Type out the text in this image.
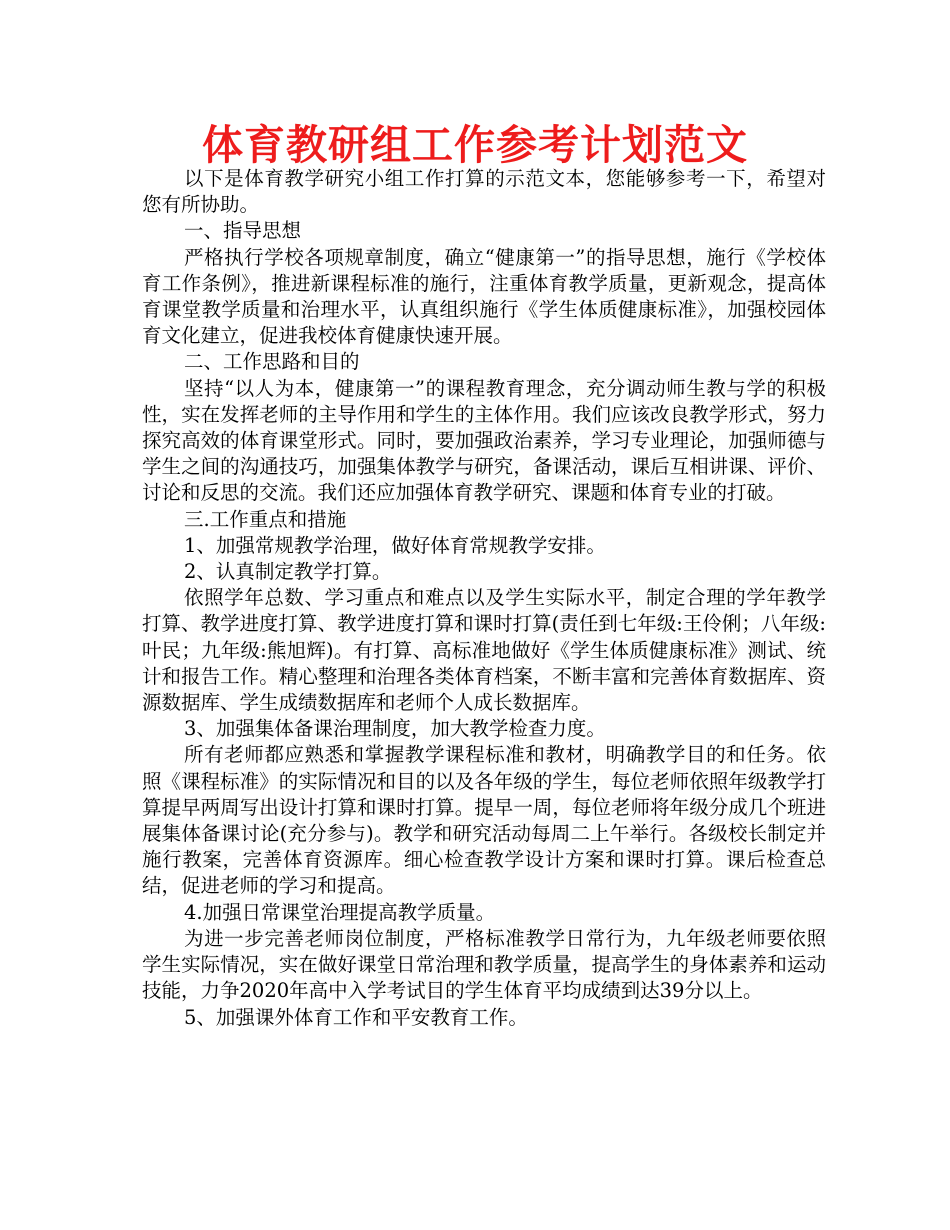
体育教研组工作参考计划范文

以下是体育教学研究小组工作打算的示范文本，您能够参考一下，希望对您有所协助。

一、指导思想

严格执行学校各项规章制度，确立“健康第一”的指导思想，施行《学校体育工作条例》，推进新课程标准的施行，注重体育教学质量，更新观念，提高体育课堂教学质量和治理水平，认真组织施行《学生体质健康标准》，加强校园体育文化建立，促进我校体育健康快速开展。

二、工作思路和目的

坚持“以人为本，健康第一”的课程教育理念，充分调动师生教与学的积极性，实在发挥老师的主导作用和学生的主体作用。我们应该改良教学形式，努力探究高效的体育课堂形式。同时，要加强政治素养，学习专业理论，加强师德与学生之间的沟通技巧，加强集体教学与研究，备课活动，课后互相讲课、评价、讨论和反思的交流。我们还应加强体育教学研究、课题和体育专业的打破。

三.工作重点和措施

1、加强常规教学治理，做好体育常规教学安排。

2、认真制定教学打算。

依照学年总数、学习重点和难点以及学生实际水平，制定合理的学年教学打算、教学进度打算、教学进度打算和课时打算(责任到七年级:王伶俐；八年级:叶民；九年级:熊旭辉)。有打算、高标准地做好《学生体质健康标准》测试、统计和报告工作。精心整理和治理各类体育档案，不断丰富和完善体育数据库、资源数据库、学生成绩数据库和老师个人成长数据库。

3、加强集体备课治理制度，加大教学检查力度。

所有老师都应熟悉和掌握教学课程标准和教材，明确教学目的和任务。依照《课程标准》的实际情况和目的以及各年级的学生，每位老师依照年级教学打算提早两周写出设计打算和课时打算。提早一周，每位老师将年级分成几个班进展集体备课讨论(充分参与)。教学和研究活动每周二上午举行。各级校长制定并施行教案，完善体育资源库。细心检查教学设计方案和课时打算。课后检查总结，促进老师的学习和提高。

4.加强日常课堂治理提高教学质量。

为进一步完善老师岗位制度，严格标准教学日常行为，九年级老师要依照学生实际情况，实在做好课堂日常治理和教学质量，提高学生的身体素养和运动技能，力争2020年高中入学考试目的学生体育平均成绩到达39分以上。

5、加强课外体育工作和平安教育工作。
